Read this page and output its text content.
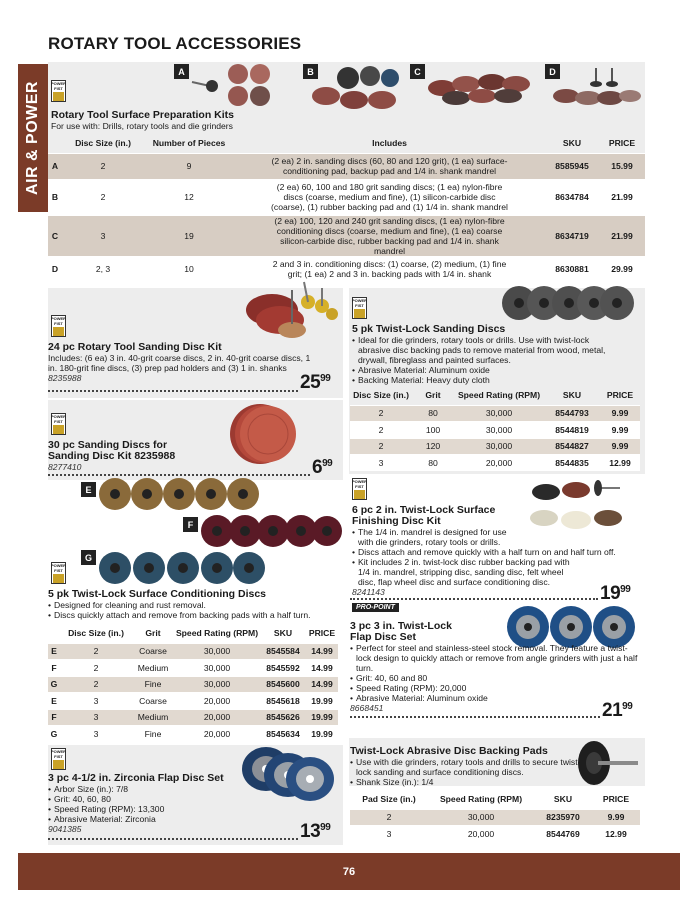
ROTARY TOOL ACCESSORIES
AIR & POWER POWER FIST
A	B	C	D
Rotary Tool Surface Preparation Kits
For use with: Drills, rotary tools and die grinders
	Disc Size (in.)	Number of Pieces	Includes	SKU	PRICE
A	2	9	(2 ea) 2 in. sanding discs (60, 80 and 120 grit), (1 ea) surface-conditioning pad, backup pad and 1/4 in. shank mandrel	8585945	15.99
B	2	12	(2 ea) 60, 100 and 180 grit sanding discs; (1 ea) nylon-fibre discs (coarse, medium and fine), (1) silicon-carbide disc (coarse), (1) rubber backing pad and (1) 1/4 in. shank mandrel	8634784	21.99
C	3	19	(2 ea) 100, 120 and 240 grit sanding discs, (1 ea) nylon-fibre conditioning discs (coarse, medium and fine), (1 ea) coarse silicon-carbide disc, rubber backing pad and 1/4 in. shank mandrel	8634719	21.99
D	2, 3	10	2 and 3 in. conditioning discs: (1) coarse, (2) medium, (1) fine grit; (1 ea) 2 and 3 in. backing pads with 1/4 in. shank	8630881	29.99
POWER FIST
24 pc Rotary Tool Sanding Disc Kit
Includes: (6 ea) 3 in. 40-grit coarse discs, 2 in. 40-grit coarse discs, 1 in. 180-grit fine discs, (3) prep pad holders and (3) 1 in. shanks
8235988	$25^{99}$
POWER FIST
30 pc Sanding Discs for
Sanding Disc Kit 8235988
8277410	$6^{99}$
E
F
G
POWER FIST
5 pk Twist-Lock Surface Conditioning Discs
• Designed for cleaning and rust removal.
• Discs quickly attach and remove from backing pads with a half turn.
	Disc Size (in.)	Grit	Speed Rating (RPM)	SKU	PRICE
E	2	Coarse	30,000	8545584	14.99
F	2	Medium	30,000	8545592	14.99
G	2	Fine	30,000	8545600	14.99
E	3	Coarse	20,000	8545618	19.99
F	3	Medium	20,000	8545626	19.99
G	3	Fine	20,000	8545634	19.99
POWER FIST
3 pc 4-1/2 in. Zirconia Flap Disc Set
• Arbor Size (in.): 7/8
• Grit: 40, 60, 80
• Speed Rating (RPM): 13,300
• Abrasive Material: Zirconia
9041385	$13^{99}$
POWER FIST
5 pk Twist-Lock Sanding Discs
• Ideal for die grinders, rotary tools or drills. Use with twist-lock abrasive disc backing pads to remove material from wood, metal, drywall, fibreglass and painted surfaces.
• Abrasive Material: Aluminum oxide
• Backing Material: Heavy duty cloth
Disc Size (in.)	Grit	Speed Rating (RPM)	SKU	PRICE
2	80	30,000	8544793	9.99
2	100	30,000	8544819	9.99
2	120	30,000	8544827	9.99
3	80	20,000	8544835	12.99
POWER FIST
6 pc 2 in. Twist-Lock Surface
Finishing Disc Kit
• The 1/4 in. mandrel is designed for use with die grinders, rotary tools or drills.
• Discs attach and remove quickly with a half turn on and half turn off.
• Kit includes 2 in. twist-lock disc rubber backing pad with 1/4 in. mandrel, stripping disc, sanding disc, felt wheel disc, flap wheel disc and surface conditioning disc.
8241143	$19^{99}$
PRO-POINT
3 pc 3 in. Twist-Lock
Flap Disc Set
• Perfect for steel and stainless-steel stock removal. They feature a twist-lock design to quickly attach or remove from angle grinders with just a half turn.
• Grit: 40, 60 and 80
• Speed Rating (RPM): 20,000
• Abrasive Material: Aluminum oxide
8668451	$21^{99}$
Twist-Lock Abrasive Disc Backing Pads
• Use with die grinders, rotary tools and drills to secure twist-lock sanding and surface conditioning discs.
• Shank Size (in.): 1/4
Pad Size (in.)	Speed Rating (RPM)	SKU	PRICE
2	30,000	8235970	9.99
3	20,000	8544769	12.99
76
